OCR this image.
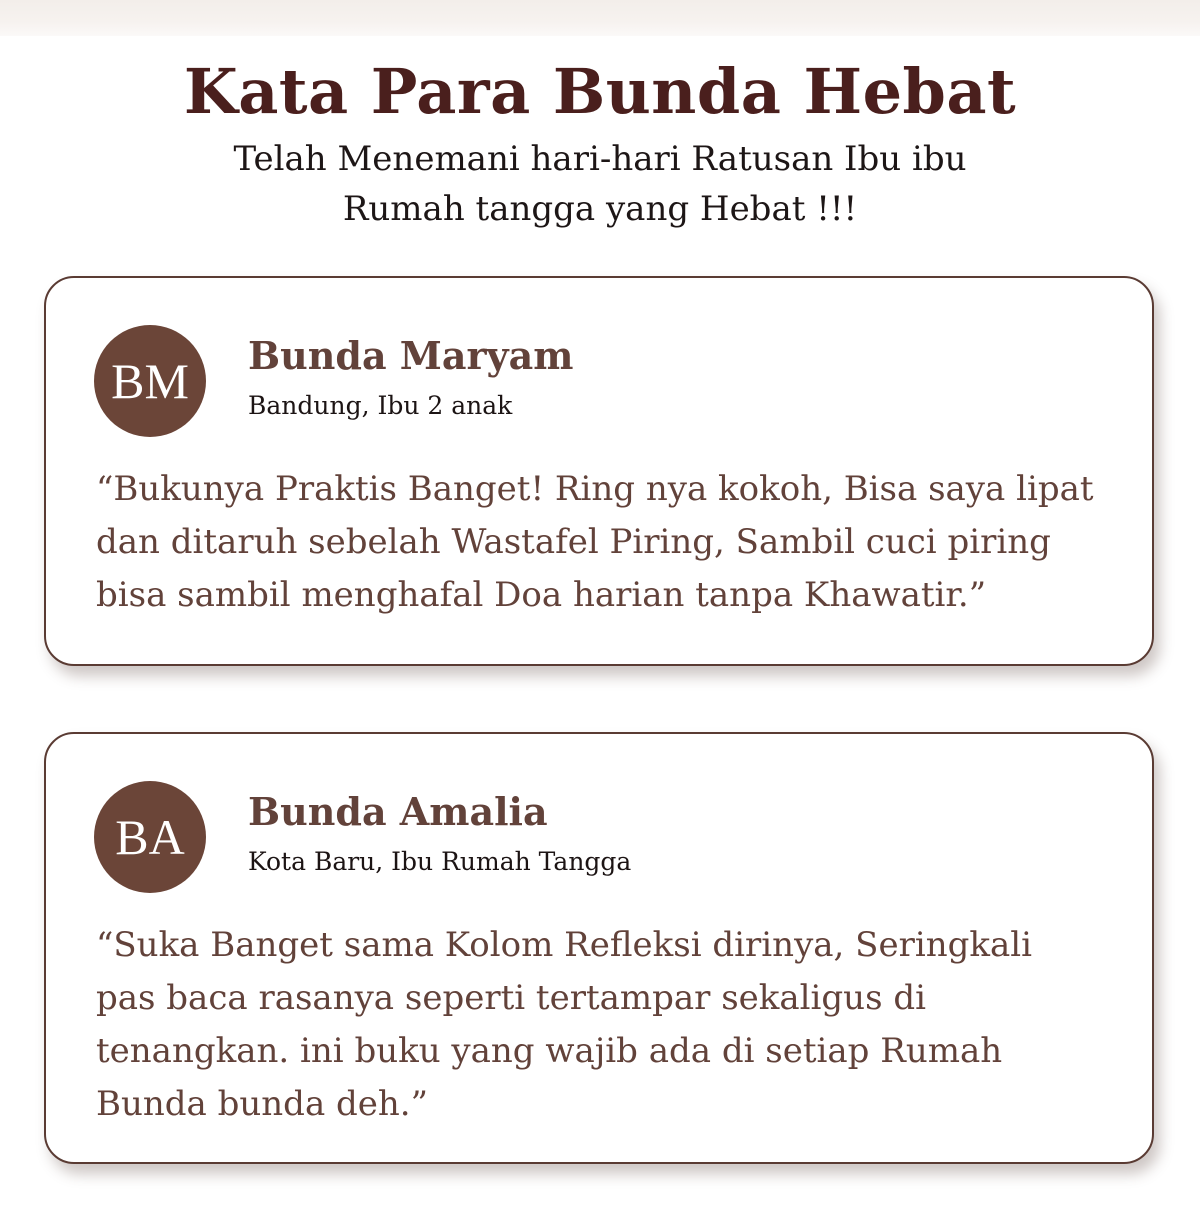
Kata Para Bunda Hebat
Telah Menemani hari-hari Ratusan Ibu ibu
Rumah tangga yang Hebat !!!
BM	Bunda Maryam
Bandung, Ibu 2 anak
“Bukunya Praktis Banget! Ring nya kokoh, Bisa saya lipat
dan ditaruh sebelah Wastafel Piring, Sambil cuci piring
bisa sambil menghafal Doa harian tanpa Khawatir.”
BA	Bunda Amalia
Kota Baru, Ibu Rumah Tangga
“Suka Banget sama Kolom Refleksi dirinya, Seringkali
pas baca rasanya seperti tertampar sekaligus di
tenangkan. ini buku yang wajib ada di setiap Rumah
Bunda bunda deh.”
